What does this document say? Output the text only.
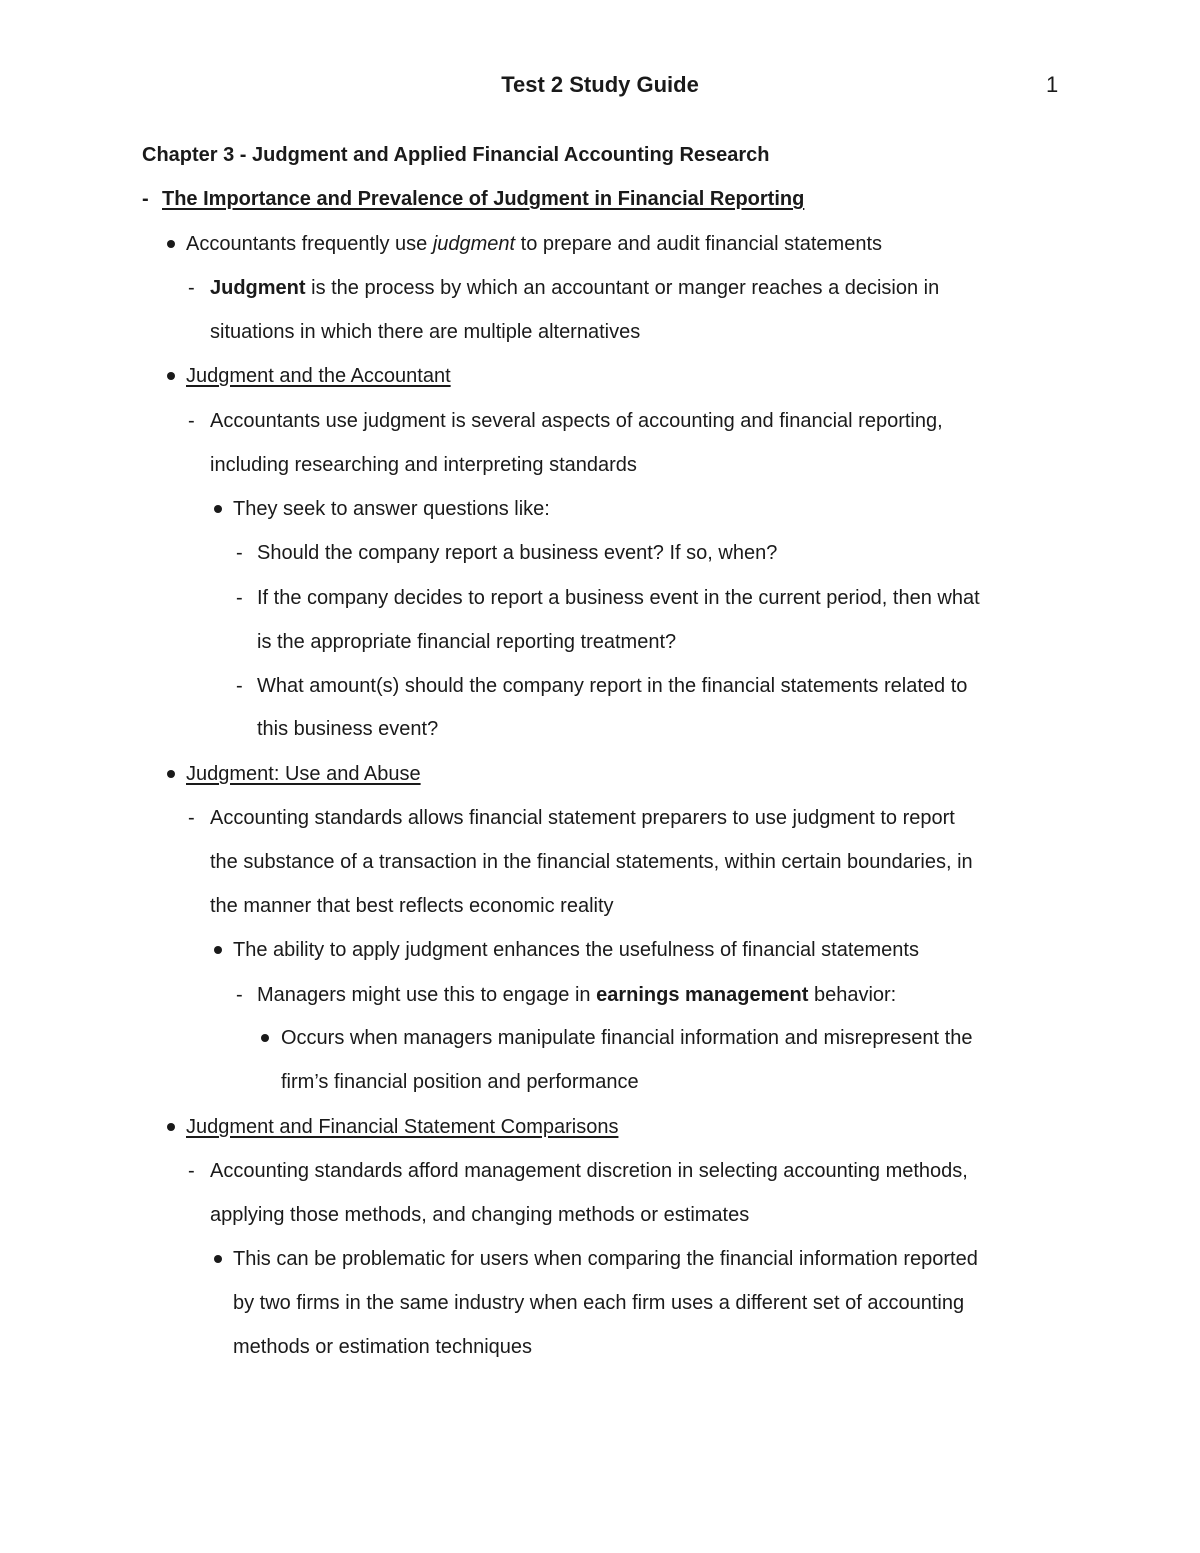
Test 2 Study Guide	1
Chapter 3 - Judgment and Applied Financial Accounting Research
- The Importance and Prevalence of Judgment in Financial Reporting
Accountants frequently use judgment to prepare and audit financial statements
- Judgment is the process by which an accountant or manger reaches a decision in
situations in which there are multiple alternatives
Judgment and the Accountant
- Accountants use judgment is several aspects of accounting and financial reporting,
including researching and interpreting standards
They seek to answer questions like:
- Should the company report a business event? If so, when?
- If the company decides to report a business event in the current period, then what
is the appropriate financial reporting treatment?
- What amount(s) should the company report in the financial statements related to
this business event?
Judgment: Use and Abuse
- Accounting standards allows financial statement preparers to use judgment to report
the substance of a transaction in the financial statements, within certain boundaries, in
the manner that best reflects economic reality
The ability to apply judgment enhances the usefulness of financial statements
- Managers might use this to engage in earnings management behavior:
Occurs when managers manipulate financial information and misrepresent the
firm’s financial position and performance
Judgment and Financial Statement Comparisons
- Accounting standards afford management discretion in selecting accounting methods,
applying those methods, and changing methods or estimates
This can be problematic for users when comparing the financial information reported
by two firms in the same industry when each firm uses a different set of accounting
methods or estimation techniques
